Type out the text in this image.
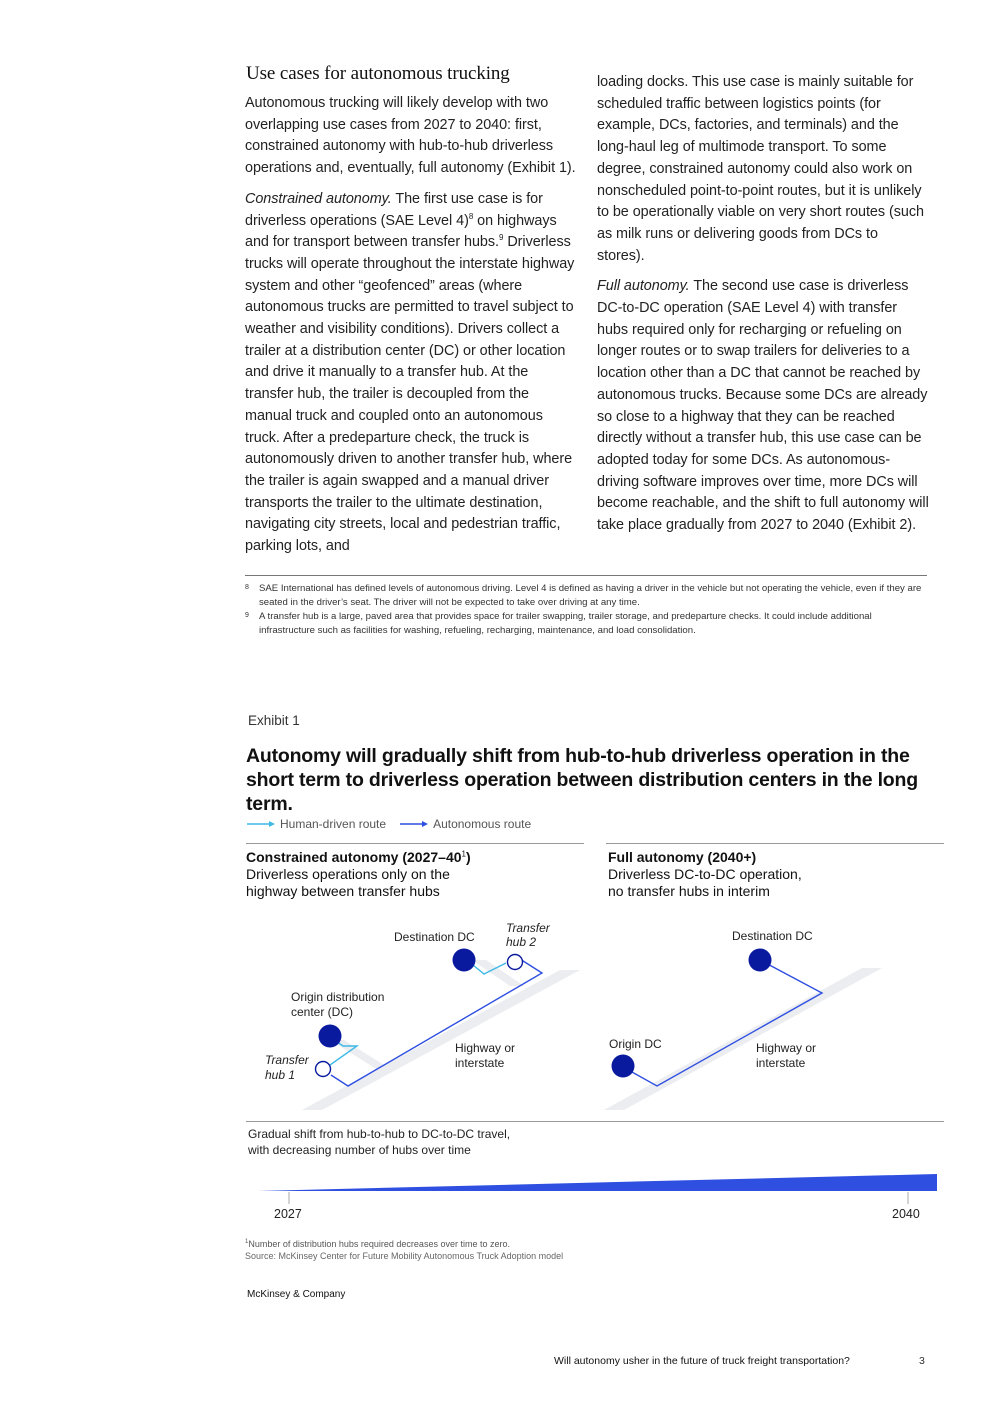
Use cases for autonomous trucking

Autonomous trucking will likely develop with two overlapping use cases from 2027 to 2040: first, constrained autonomy with hub-to-hub driverless operations and, eventually, full autonomy (Exhibit 1).

Constrained autonomy. The first use case is for driverless operations (SAE Level 4)$^8$ on highways and for transport between transfer hubs.$^9$ Driverless trucks will operate throughout the interstate highway system and other “geofenced” areas (where autonomous trucks are permitted to travel subject to weather and visibility conditions). Drivers collect a trailer at a distribution center (DC) or other location and drive it manually to a transfer hub. At the transfer hub, the trailer is decoupled from the manual truck and coupled onto an autonomous truck. After a predeparture check, the truck is autonomously driven to another transfer hub, where the trailer is again swapped and a manual driver transports the trailer to the ultimate destination, navigating city streets, local and pedestrian traffic, parking lots, and

loading docks. This use case is mainly suitable for scheduled traffic between logistics points (for example, DCs, factories, and terminals) and the long-haul leg of multimode transport. To some degree, constrained autonomy could also work on nonscheduled point-to-point routes, but it is unlikely to be operationally viable on very short routes (such as milk runs or delivering goods from DCs to stores).

Full autonomy. The second use case is driverless DC-to-DC operation (SAE Level 4) with transfer hubs required only for recharging or refueling on longer routes or to swap trailers for deliveries to a location other than a DC that cannot be reached by autonomous trucks. Because some DCs are already so close to a highway that they can be reached directly without a transfer hub, this use case can be adopted today for some DCs. As autonomous-driving software improves over time, more DCs will become reachable, and the shift to full autonomy will take place gradually from 2027 to 2040 (Exhibit 2).

8	SAE International has defined levels of autonomous driving. Level 4 is defined as having a driver in the vehicle but not operating the vehicle, even if they are seated in the driver’s seat. The driver will not be expected to take over driving at any time.
9	A transfer hub is a large, paved area that provides space for trailer swapping, trailer storage, and predeparture checks. It could include additional infrastructure such as facilities for washing, refueling, recharging, maintenance, and load consolidation.
Exhibit 1
Autonomy will gradually shift from hub-to-hub driverless operation in the short term to driverless operation between distribution centers in the long term.
Human-driven route	Autonomous route
Constrained autonomy $(2027-40^1)$
Driverless operations only on the
highway between transfer hubs
Full autonomy (2040+)
Driverless DC-to-DC operation,
no transfer hubs in interim
Destination DC
Transfer
hub 2
Origin distribution
center (DC)
Transfer
hub 1
Highway or
interstate
Destination DC
Origin DC	Highway or
interstate
Gradual shift from hub-to-hub to DC-to-DC travel,
with decreasing number of hubs over time
2027	2040
$^1$Number of distribution hubs required decreases over time to zero.
Source: McKinsey Center for Future Mobility Autonomous Truck Adoption model
McKinsey & Company
Will autonomy usher in the future of truck freight transportation?	3
